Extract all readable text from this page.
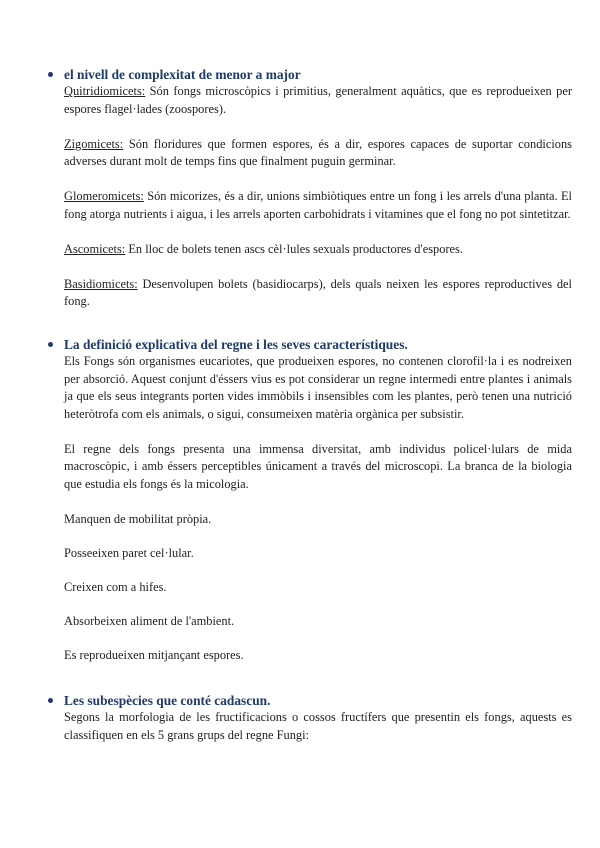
el nivell de complexitat de menor a major

Quitridiomicets: Són fongs microscòpics i primitius, generalment aquàtics, que es reprodueixen per espores flagel·lades (zoospores).

Zigomicets: Són floridures que formen espores, és a dir, espores capaces de suportar condicions adverses durant molt de temps fins que finalment puguin germinar.

Glomeromicets: Són micorizes, és a dir, unions simbiòtiques entre un fong i les arrels d'una planta. El fong atorga nutrients i aigua, i les arrels aporten carbohidrats i vitamines que el fong no pot sintetitzar.

Ascomicets: En lloc de bolets tenen ascs cèl·lules sexuals productores d'espores.

Basidiomicets: Desenvolupen bolets (basidiocarps), dels quals neixen les espores reproductives del fong.

La definició explicativa del regne i les seves característiques.

Els Fongs són organismes eucariotes, que produeixen espores, no contenen clorofil·la i es nodreixen per absorció. Aquest conjunt d'éssers vius es pot considerar un regne intermedi entre plantes i animals ja que els seus integrants porten vides immòbils i insensibles com les plantes, però tenen una nutrició heteròtrofa com els animals, o sigui, consumeixen matèria orgànica per subsistir.

El regne dels fongs presenta una immensa diversitat, amb individus policel·lulars de mida macroscòpic, i amb éssers perceptibles únicament a través del microscopi. La branca de la biologia que estudia els fongs és la micologia.

Manquen de mobilitat pròpia.

Posseeixen paret cel·lular.

Creixen com a hifes.

Absorbeixen aliment de l'ambient.

Es reprodueixen mitjançant espores.

Les subespècies que conté cadascun.

Segons la morfologia de les fructificacions o cossos fructífers que presentin els fongs, aquests es classifiquen en els 5 grans grups del regne Fungi:
